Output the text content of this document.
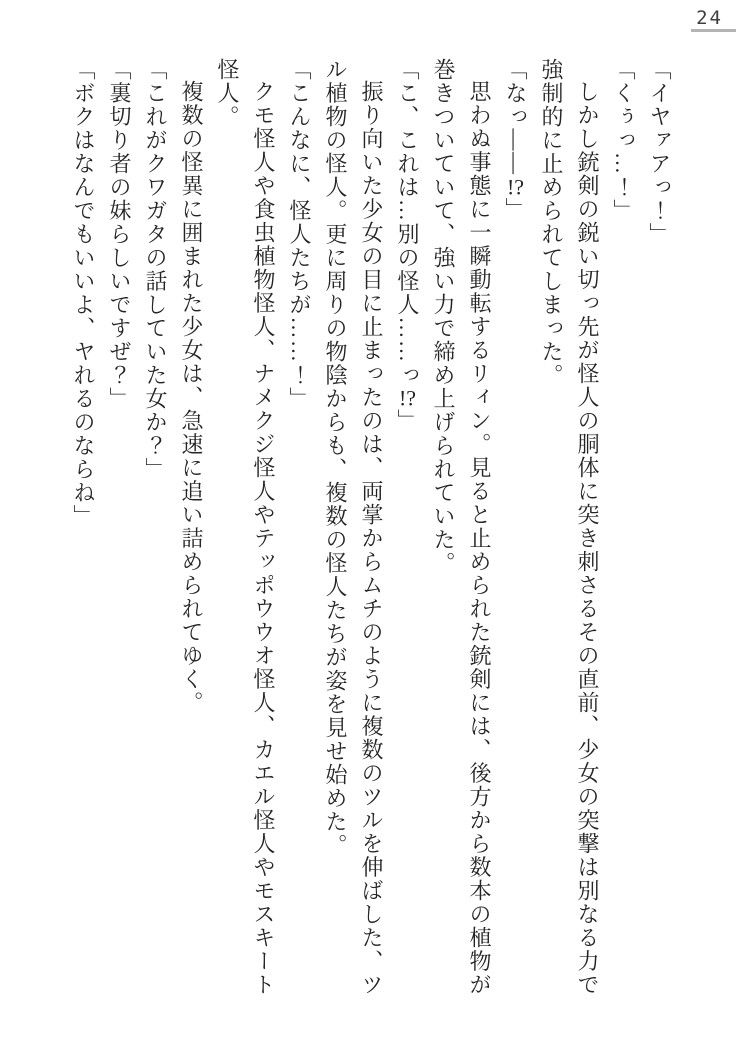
24

「イヤァアっ！」

「くぅっ…！」

しかし銃剣の鋭い切っ先が怪人の胴体に突き刺さるその直前、少女の突撃は別なる力で

強制的に止められてしまった。

「なっ――!?」

思わぬ事態に一瞬動転するリィン。見ると止められた銃剣には、後方から数本の植物が

巻きついていて、強い力で締め上げられていた。

「こ、これは…別の怪人……っ!?」

振り向いた少女の目に止まったのは、両掌からムチのように複数のツルを伸ばした、ツ

ル植物の怪人。更に周りの物陰からも、複数の怪人たちが姿を見せ始めた。

「こんなに、怪人たちが……！」

クモ怪人や食虫植物怪人、ナメクジ怪人やテッポウウオ怪人、カエル怪人やモスキート

怪人。

複数の怪異に囲まれた少女は、急速に追い詰められてゆく。

「これがクワガタの話していた女か？」

「裏切り者の妹らしいですぜ？」

「ボクはなんでもいいよ、ヤれるのならね」
